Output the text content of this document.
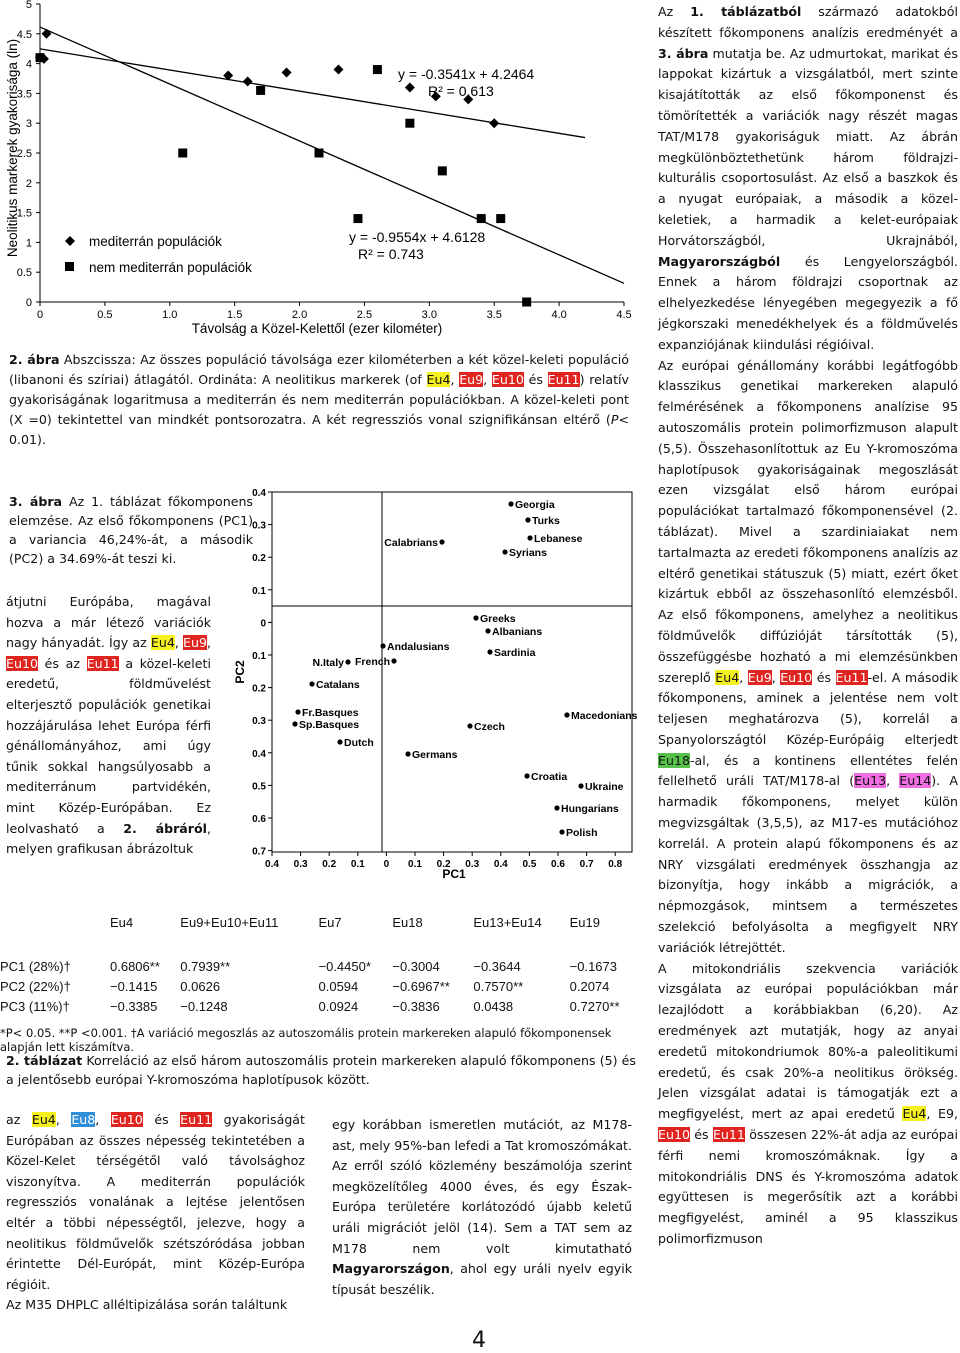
Neolitikus markerek gyakorisága (ln)
0
0.5
1
1.5
2
2.5
3
3.5
4
4.5
5
0	0.5	1.0	1.5	2.0	2.5	3.0	3.5	4.0	4.5
y = -0.3541x + 4.2464
R² = 0.613
y = -0.9554x + 4.6128
R² = 0.743
mediterrán populációk
nem mediterrán populációk
Távolság a Közel-Kelettől (ezer kilométer)
2. ábra Abszcissza: Az összes populáció távolsága ezer kilométerben a két közel-keleti populáció (libanoni és szíriai) átlagától. Ordináta: A neolitikus markerek (of Eu4, Eu9, Eu10 és Eu11) relatív gyakoriságának logaritmusa a mediterrán és nem mediterrán populációkban. A közel-keleti pont (X =0) tekintettel van mindkét pontsorozatra. A két regressziós vonal szignifikánsan eltérő (P< 0.01).
3. ábra Az 1. táblázat főkomponens elemzése. Az első főkomponens (PC1) a variancia 46,24%-át, a második (PC2) a 34.69%-át teszi ki.
átjutni Európába, magával hozva a már létező variációk nagy hányadát. Így az Eu4, Eu9, Eu10 és az Eu11 a közel-keleti eredetű, földművelést elterjesztő populációk genetikai hozzájárulása lehet Európa férfi génállományához, ami úgy tűnik sokkal hangsúlyosabb a mediterránum partvidékén, mint Közép-Európában. Ez leolvasható a 2. ábráról, melyen grafikusan ábrázoltuk
0.4 0.3 0.2 0.1 0 0.1 0.2 0.3 0.4 0.5 0.6 0.7 0.8
0.4
0.3
0.2
0.1
0
0.1
0.2
0.3
0.4
0.5
0.6
0.7
Georgia
Turks
Lebanese
Syrians
Calabrians
Greeks
Albanians
Sardinia
Andalusians
French
N.Italy
Catalans
Fr.Basques
Sp.Basques
Dutch
Macedonians
Czech
Germans
Croatia
Ukraine
Hungarians
Polish
PC2
PC1
	Eu4	Eu9+Eu10+Eu11	Eu7	Eu18	Eu13+Eu14	Eu19

PC1 (28%)†	0.6806**	0.7939**	−0.4450*	−0.3004	−0.3644	−0.1673
PC2 (22%)†	−0.1415	0.0626	0.0594	−0.6967**	0.7570**	0.2074
PC3 (11%)†	−0.3385	−0.1248	0.0924	−0.3836	0.0438	0.7270**
*P< 0.05. **P <0.001. †A variáció megoszlás az autoszomális protein markereken alapuló főkomponensek alapján lett kiszámítva.
2. táblázat Korreláció az első három autoszomális protein markereken alapuló főkomponens (5) és a jelentősebb európai Y-kromoszóma haplotípusok között.
az Eu4, Eu8, Eu10 és Eu11 gyakoriságát Európában az összes népesség tekintetében a Közel-Kelet térségétől való távolsághoz viszonyítva. A mediterrán populációk regressziós vonalának a lejtése jelentősen eltér a többi népességtől, jelezve, hogy a neolitikus földművelők szétszóródása jobban érintette Dél-Európát, mint Közép-Európa régióit.
Az M35 DHPLC alléltipizálása során találtunk
egy korábban ismeretlen mutációt, az M178-ast, mely 95%-ban lefedi a Tat kromoszómákat. Az erről szóló közlemény beszámolója szerint megközelítőleg 4000 éves, és egy Észak-Európa területére korlátozódó újabb keletű uráli migrációt jelöl (14). Sem a TAT sem az M178 nem volt kimutatható Magyarországon, ahol egy uráli nyelv egyik típusát beszélik.
4
Az 1. táblázatból származó adatokból készített főkomponens analízis eredményét a 3. ábra mutatja be. Az udmurtokat, marikat és lappokat kizártuk a vizsgálatból, mert szinte kisajátították az első főkomponenst és tömörítették a variációk nagy részét magas TAT/M178 gyakoriságuk miatt. Az ábrán megkülönböztethetünk három földrajzi-kulturális csoportosulást. Az első a baszkok és a nyugat európaiak, a második a közel-keletiek, a harmadik a kelet-európaiak Horvátországból, Ukrajnából, Magyarországból és Lengyelországból. Ennek a három földrajzi csoportnak az elhelyezkedése lényegében megegyezik a fő jégkorszaki menedékhelyek és a földművelés expanziójának kiindulási régióival.
Az európai génállomány korábbi legátfogóbb klasszikus genetikai markereken alapuló felmérésének a főkomponens analízise 95 autoszomális protein polimorfizmuson alapult (5,5). Összehasonlítottuk az Eu Y-kromoszóma haplotípusok gyakoriságainak megoszlását ezen vizsgálat első három európai populációkat tartalmazó főkomponensével (2. táblázat). Mivel a szardiniaiakat nem tartalmazta az eredeti főkomponens analízis az eltérő genetikai státuszuk (5) miatt, ezért őket kizártuk ebből az összehasonlító elemzésből. Az első főkomponens, amelyhez a neolitikus földművelők diffúzióját társították (5), összefüggésbe hozható a mi elemzésünkben szereplő Eu4, Eu9, Eu10 és Eu11-el. A második főkomponens, aminek a jelentése nem volt teljesen meghatározva (5), korrelál a Spanyolországtól Közép-Európáig elterjedt Eu18-al, és a kontinens ellentétes felén fellelhető uráli TAT/M178-al (Eu13, Eu14). A harmadik főkomponens, melyet külön megvizsgáltak (3,5,5), az M17-es mutációhoz korrelál. A protein alapú főkomponens és az NRY vizsgálati eredmények összhangja az bizonyítja, hogy inkább a migrációk, a népmozgások, mintsem a természetes szelekció befolyásolta a megfigyelt NRY variációk létrejöttét.
A mitokondriális szekvencia variációk vizsgálata az európai populációkban már lezajlódott a korábbiakban (6,20). Az eredmények azt mutatják, hogy az anyai eredetű mitokondriumok 80%-a paleolitikumi eredetű, és csak 20%-a neolitikus örökség. Jelen vizsgálat adatai is támogatják ezt a megfigyelést, mert az apai eredetű Eu4, E9, Eu10 és Eu11 összesen 22%-át adja az európai férfi nemi kromoszómáknak. Így a mitokondriális DNS és Y-kromoszóma adatok együttesen is megerősítik azt a korábbi megfigyelést, aminél a 95 klasszikus polimorfizmuson
